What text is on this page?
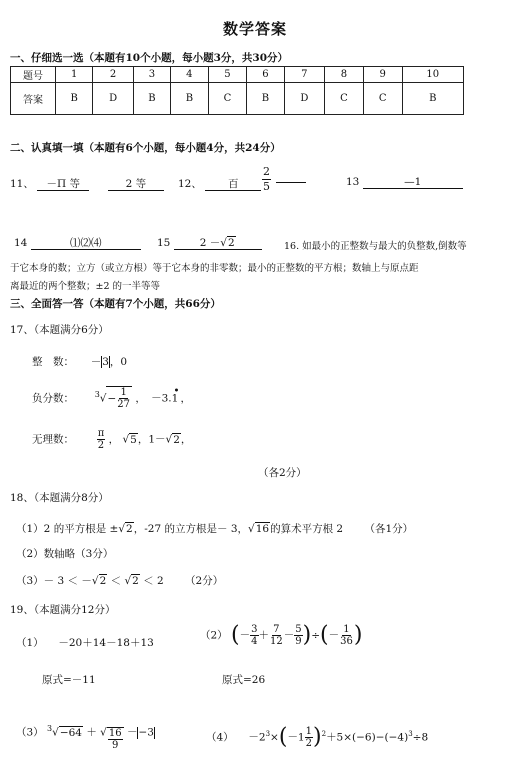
数学答案
一、仔细选一选（本题有10个小题，每小题3分，共30分）
题号	1	2	3	4	5	6	7	8	9	10
答案	B	D	B	B	C	B	D	C	C	B
二、认真填一填（本题有6个小题，每小题4分，共24分）
11、 －Π 等	2 等	12、 百	$\frac{2}{5}$
	13	—1
14	⑴⑵⑷	15	2 －√2	16. 如最小的正整数与最大的负整数,倒数等
于它本身的数；立方（或立方根）等于它本身的非零数；最小的正整数的平方根；数轴上与原点距
离最近的两个整数；±2 的一半等等
三、全面答一答（本题有7个小题，共66分）
17、（本题满分6分）
整　数： －3，0
负分数：	$^3√- \frac{1}{27}$ ，　－3.1•，
无理数： $\frac{\pi}{2}$ ， √5，1－√2，
（各2分）
18、（本题满分8分）
（1）2 的平方根是 ±√2，-27 的立方根是－ 3，√16的算术平方根 2 （各1分）
（2）数轴略（3分）
（3）－ 3 ＜ －√2 ＜ √2 ＜ 2 （2分）
19、（本题满分12分）
（1） －20＋14－18＋13
原式=－11
（2） (－ $\frac{3}{4} + \frac{7}{12} - \frac{5}{9}$ )÷(－ $\frac{1}{36}$ )
原式=26
（3） $^3$√−64 ＋ √ $\frac{16}{9} --3$	$(4) -2^3\times(-1 \frac{1}{2} )^2+5\times(-6)-(-4)^3\div 8$
